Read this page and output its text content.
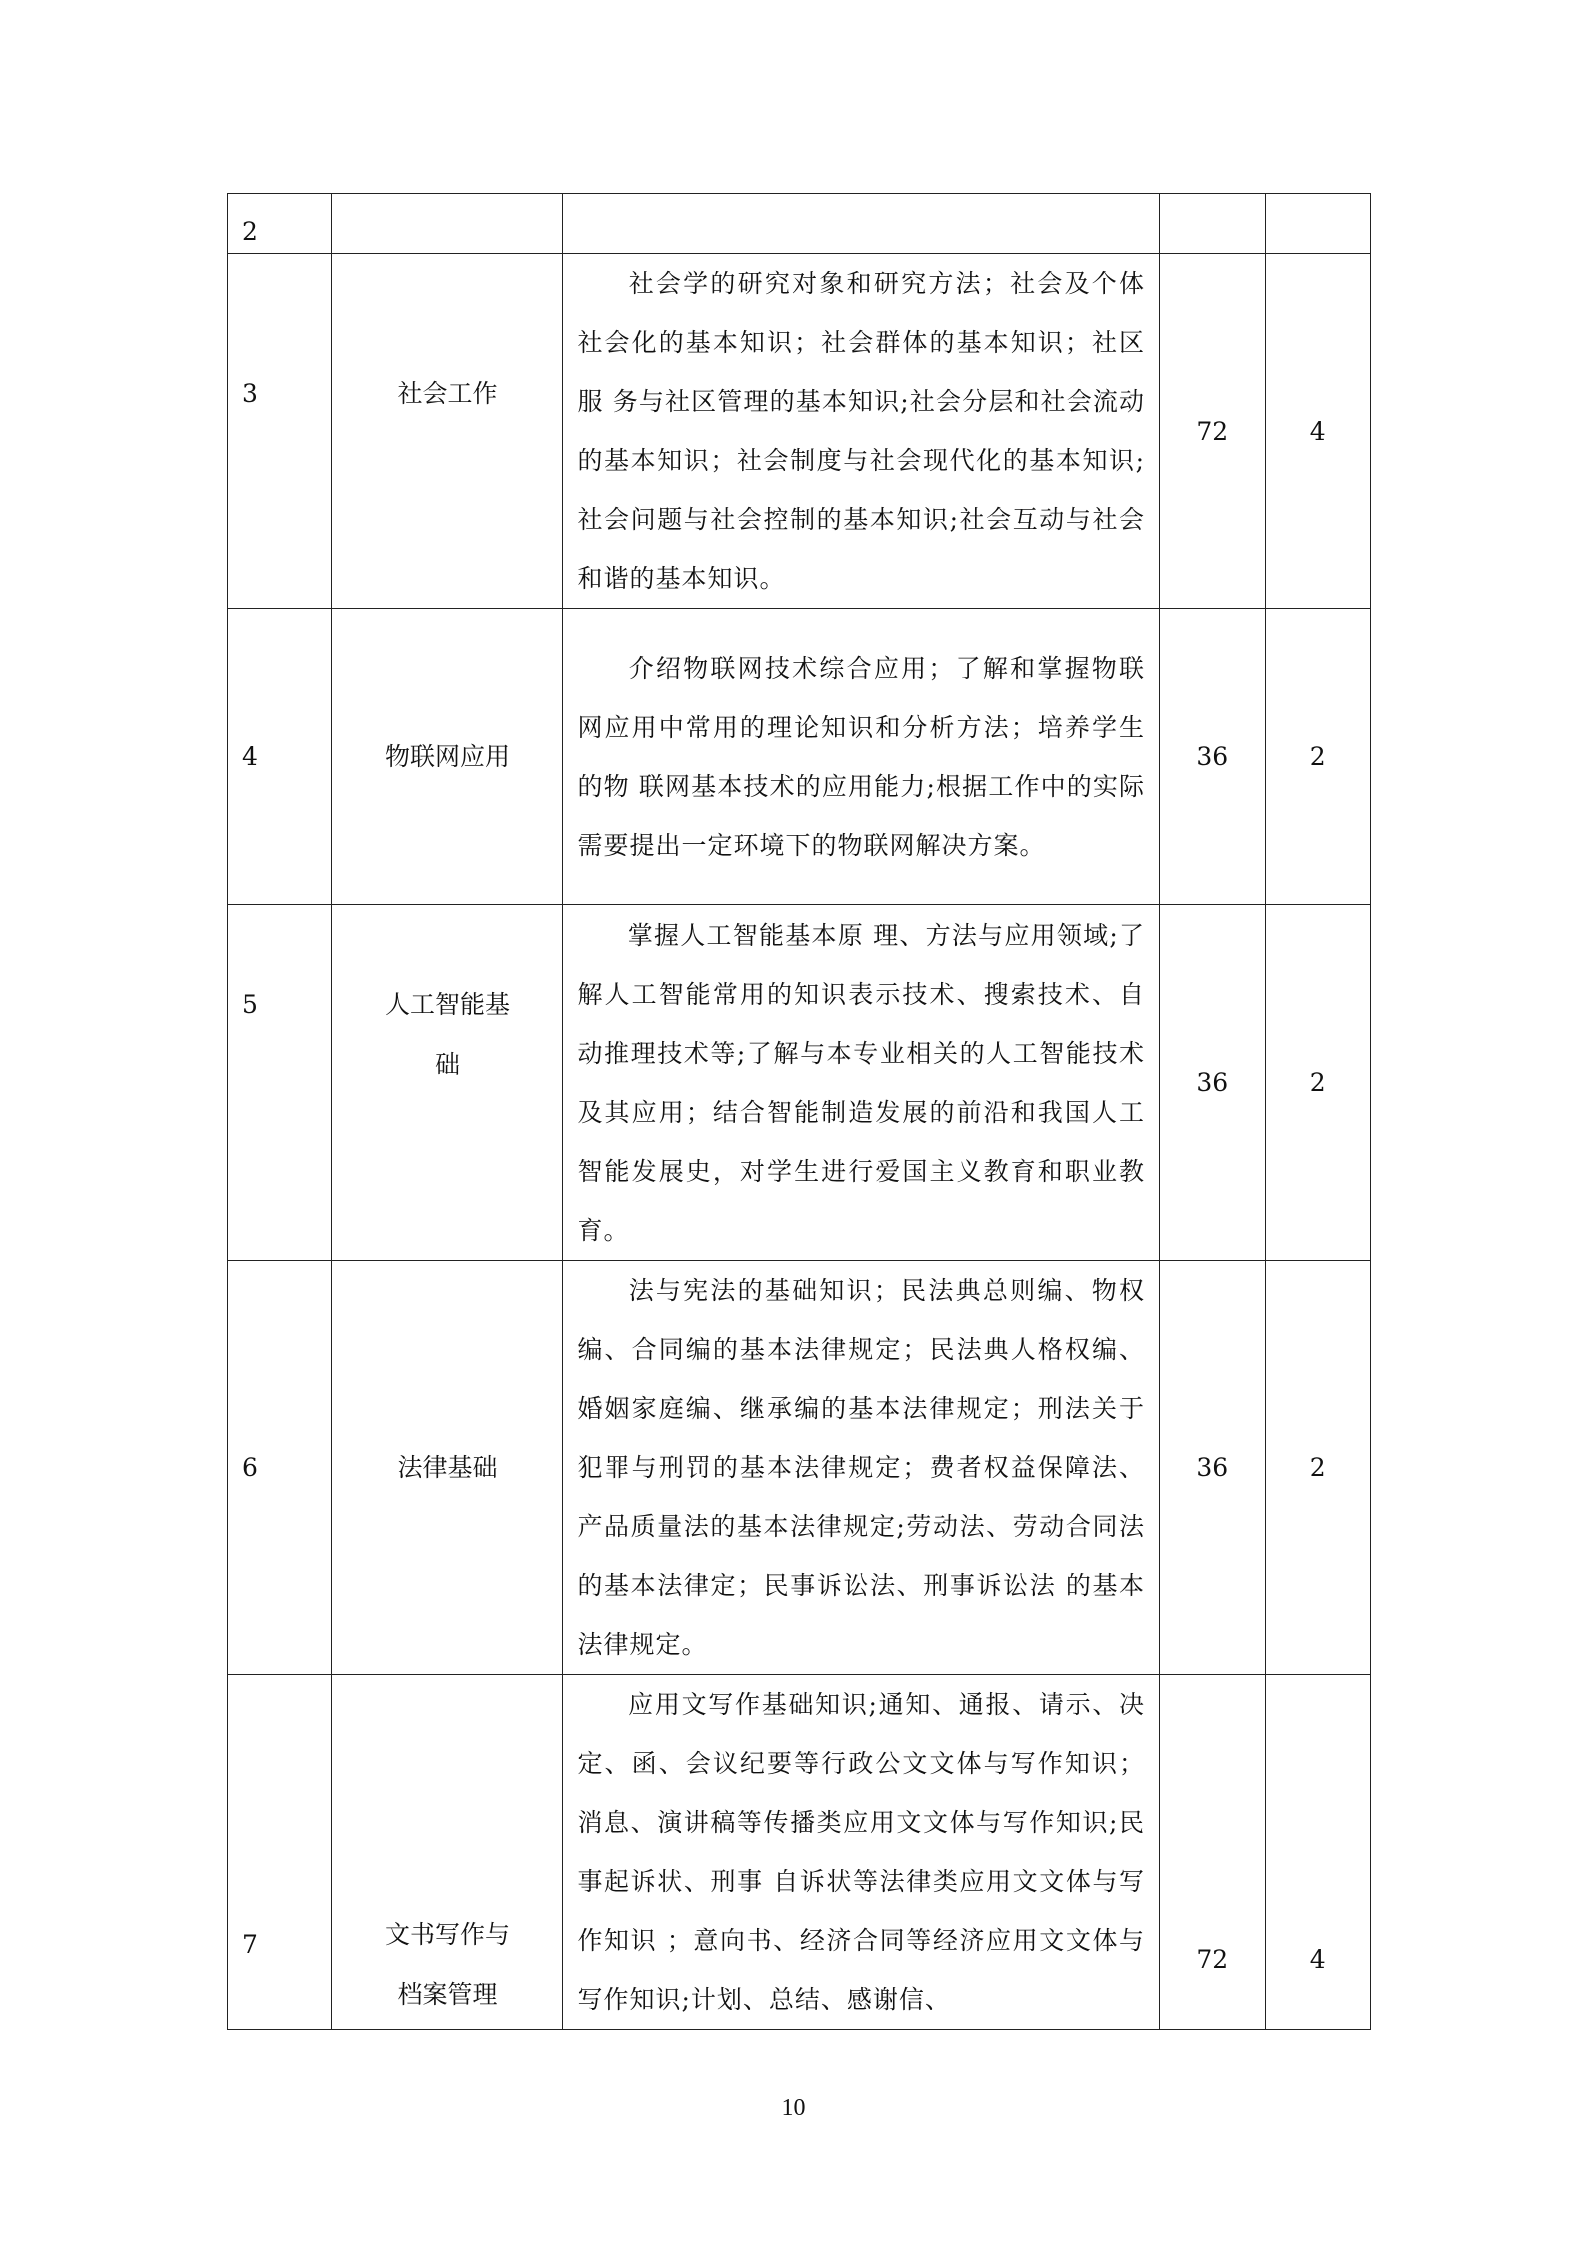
2				
3	社会工作	社会学的研究对象和研究方法；社会及个体社会化的基本知识；社会群体的基本知识；社区服 务与社区管理的基本知识;社会分层和社会流动的基本知识；社会制度与社会现代化的基本知识;社会问题与社会控制的基本知识;社会互动与社会和谐的基本知识。	72	4
4	物联网应用	介绍物联网技术综合应用；了解和掌握物联网应用中常用的理论知识和分析方法；培养学生的物 联网基本技术的应用能力;根据工作中的实际需要提出一定环境下的物联网解决方案。	36	2
5	人工智能基础	掌握人工智能基本原 理、方法与应用领域;了解人工智能常用的知识表示技术、搜索技术、自动推理技术等;了解与本专业相关的人工智能技术及其应用；结合智能制造发展的前沿和我国人工智能发展史，对学生进行爱国主义教育和职业教育。	36	2
6	法律基础	法与宪法的基础知识；民法典总则编、物权编、合同编的基本法律规定；民法典人格权编、婚姻家庭编、继承编的基本法律规定；刑法关于犯罪与刑罚的基本法律规定；费者权益保障法、产品质量法的基本法律规定;劳动法、劳动合同法的基本法律定；民事诉讼法、刑事诉讼法 的基本法律规定。	36	2
7	文书写作与档案管理	应用文写作基础知识;通知、通报、请示、决定、函、会议纪要等行政公文文体与写作知识；消息、演讲稿等传播类应用文文体与写作知识;民事起诉状、刑事 自诉状等法律类应用文文体与写作知识 ；意向书、经济合同等经济应用文文体与写作知识;计划、总结、感谢信、	72	4
10
